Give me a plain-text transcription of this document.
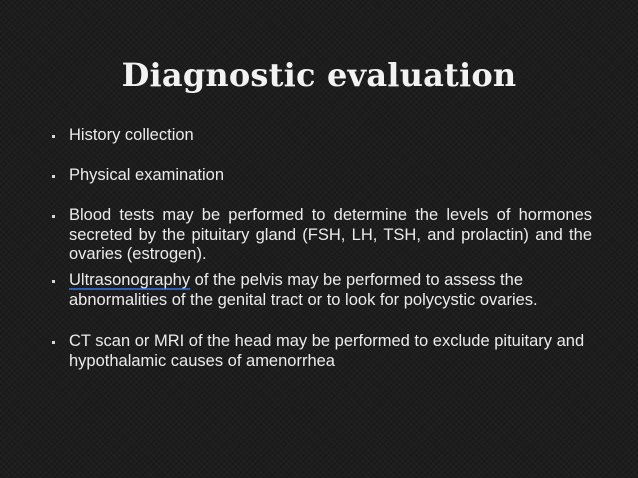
Diagnostic evaluation
History collection
Physical examination
Blood tests may be performed to determine the levels of hormones secreted by the pituitary gland (FSH, LH, TSH, and prolactin) and the ovaries (estrogen).
Ultrasonography of the pelvis may be performed to assess the abnormalities of the genital tract or to look for polycystic ovaries.
CT scan or MRI of the head may be performed to exclude pituitary and hypothalamic causes of amenorrhea
